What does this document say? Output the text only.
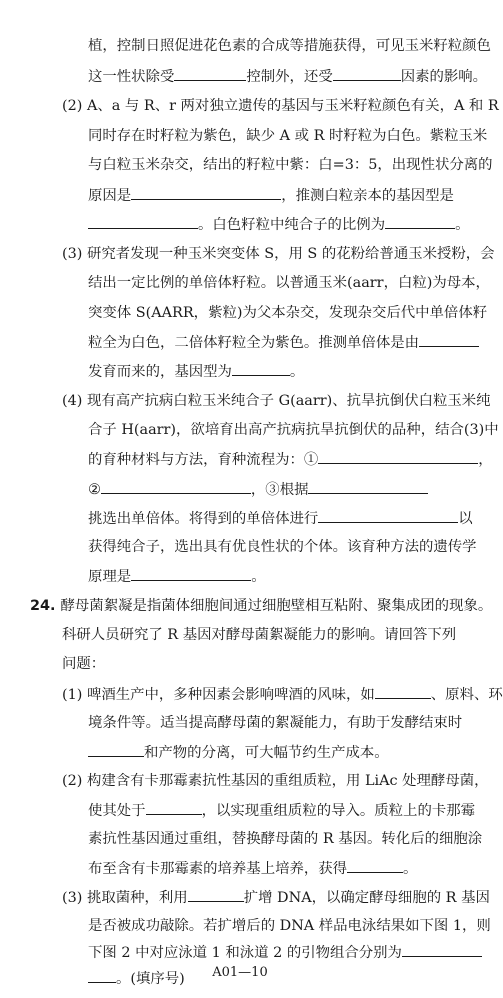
植，控制日照促进花色素的合成等措施获得，可见玉米籽粒颜色
这一性状除受	控制外，还受	因素的影响。
(2) A、a 与 R、r 两对独立遗传的基因与玉米籽粒颜色有关，A 和 R
同时存在时籽粒为紫色，缺少 A 或 R 时籽粒为白色。紫粒玉米
与白粒玉米杂交，结出的籽粒中紫：白=3：5，出现性状分离的
原因是	，推测白粒亲本的基因型是
。白色籽粒中纯合子的比例为	。
(3) 研究者发现一种玉米突变体 S，用 S 的花粉给普通玉米授粉，会
结出一定比例的单倍体籽粒。以普通玉米(aarr，白粒)为母本，
突变体 S(AARR，紫粒)为父本杂交，发现杂交后代中单倍体籽
粒全为白色，二倍体籽粒全为紫色。推测单倍体是由
发育而来的，基因型为	。
(4) 现有高产抗病白粒玉米纯合子 G(aarr)、抗旱抗倒伏白粒玉米纯
合子 H(aarr)，欲培育出高产抗病抗旱抗倒伏的品种，结合(3)中
的育种材料与方法，育种流程为：①	，
②	，③根据
挑选出单倍体。将得到的单倍体进行	以
获得纯合子，选出具有优良性状的个体。该育种方法的遗传学
原理是	。
24. 酵母菌絮凝是指菌体细胞间通过细胞壁相互粘附、聚集成团的现象。
科研人员研究了 R 基因对酵母菌絮凝能力的影响。请回答下列
问题：
(1) 啤酒生产中，多种因素会影响啤酒的风味，如	、原料、环
境条件等。适当提高酵母菌的絮凝能力，有助于发酵结束时
和产物的分离，可大幅节约生产成本。
(2) 构建含有卡那霉素抗性基因的重组质粒，用 LiAc 处理酵母菌，
使其处于	，以实现重组质粒的导入。质粒上的卡那霉
素抗性基因通过重组，替换酵母菌的 R 基因。转化后的细胞涂
布至含有卡那霉素的培养基上培养，获得	。
(3) 挑取菌种，利用	扩增 DNA，以确定酵母细胞的 R 基因
是否被成功敲除。若扩增后的 DNA 样品电泳结果如下图 1，则
下图 2 中对应泳道 1 和泳道 2 的引物组合分别为
。(填序号)	A01—10
